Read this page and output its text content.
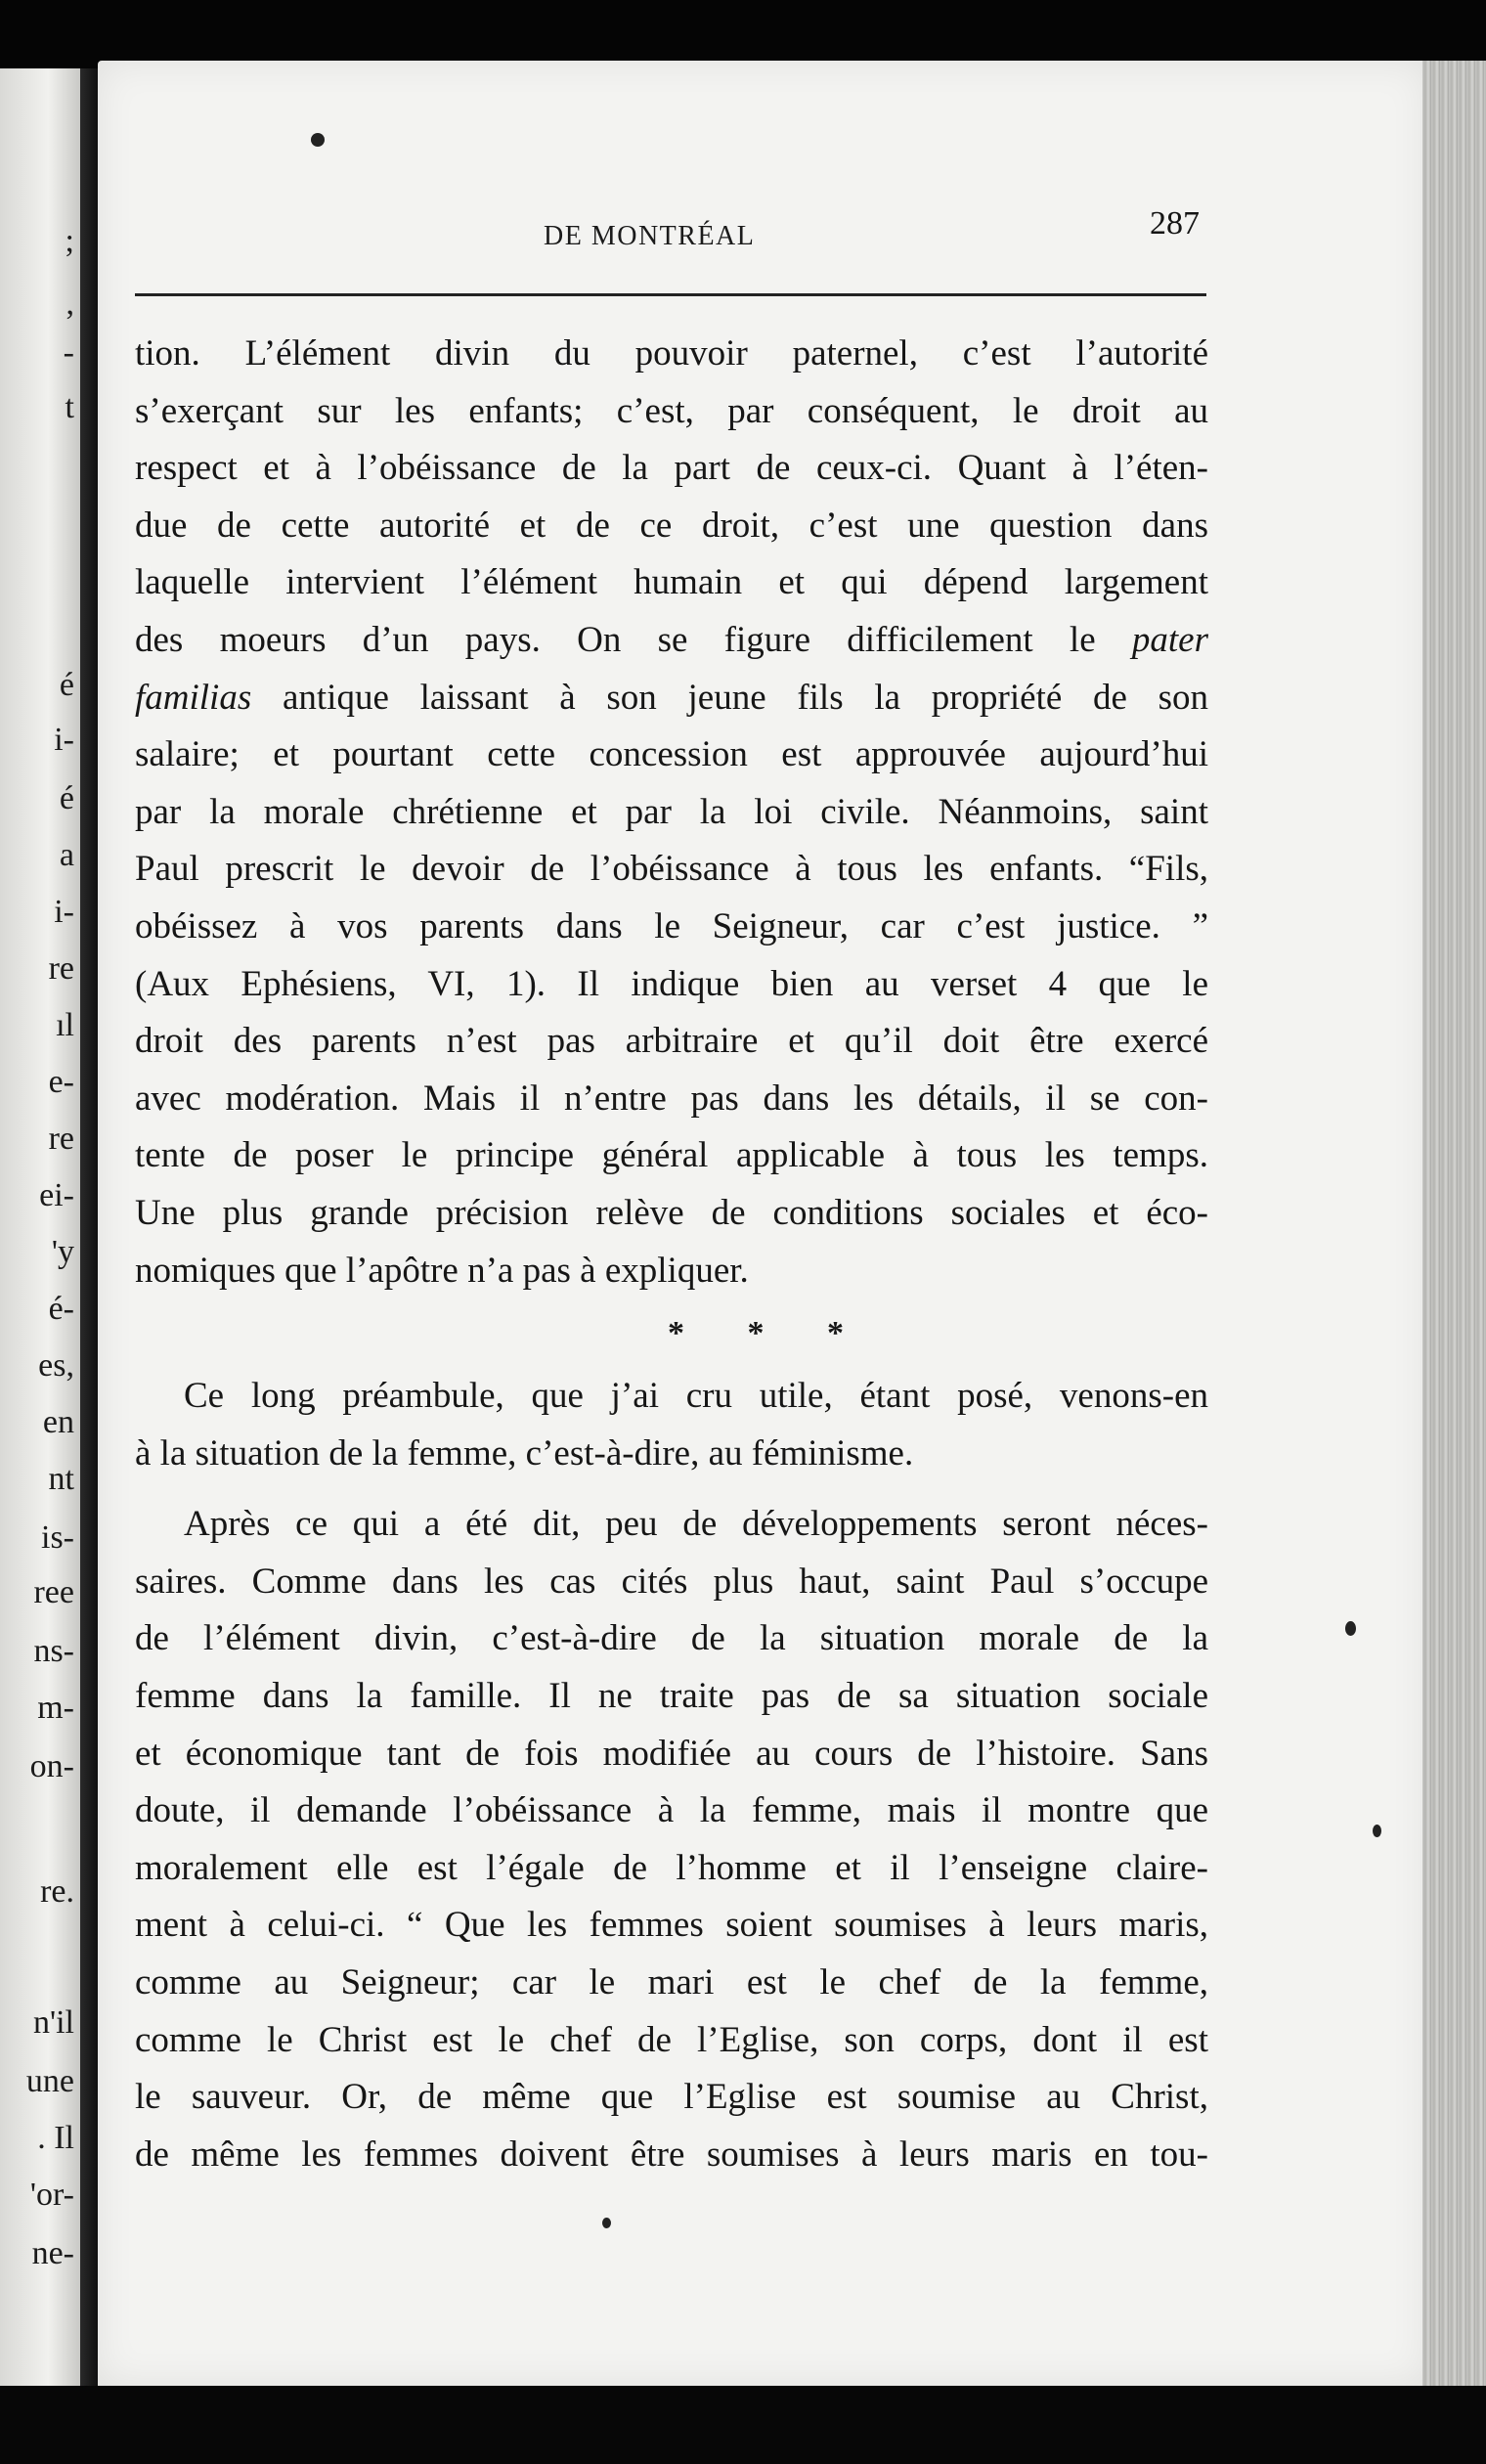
;
,
-
t
é
i-
é
a
i-
re
ıl
e-
re
ei-
'y
é-
es,
en
nt
is-
ree
ns-
m-
on-
re.
n'il
une
. Il
'or-
ne-
DE MONTRÉAL	287
tion. L’élément divin du pouvoir paternel, c’est l’autorité
s’exerçant sur les enfants; c’est, par conséquent, le droit au
respect et à l’obéissance de la part de ceux-ci. Quant à l’éten-
due de cette autorité et de ce droit, c’est une question dans
laquelle intervient l’élément humain et qui dépend largement
des moeurs d’un pays. On se figure difficilement le pater
familias antique laissant à son jeune fils la propriété de son
salaire; et pourtant cette concession est approuvée aujourd’hui
par la morale chrétienne et par la loi civile. Néanmoins, saint
Paul prescrit le devoir de l’obéissance à tous les enfants. “Fils,
obéissez à vos parents dans le Seigneur, car c’est justice. ”
(Aux Ephésiens, VI, 1). Il indique bien au verset 4 que le
droit des parents n’est pas arbitraire et qu’il doit être exercé
avec modération. Mais il n’entre pas dans les détails, il se con-
tente de poser le principe général applicable à tous les temps.
Une plus grande précision relève de conditions sociales et éco-
nomiques que l’apôtre n’a pas à expliquer.
* * *
Ce long préambule, que j’ai cru utile, étant posé, venons-en
à la situation de la femme, c’est-à-dire, au féminisme.
Après ce qui a été dit, peu de développements seront néces-
saires. Comme dans les cas cités plus haut, saint Paul s’occupe
de l’élément divin, c’est-à-dire de la situation morale de la
femme dans la famille. Il ne traite pas de sa situation sociale
et économique tant de fois modifiée au cours de l’histoire. Sans
doute, il demande l’obéissance à la femme, mais il montre que
moralement elle est l’égale de l’homme et il l’enseigne claire-
ment à celui-ci. “ Que les femmes soient soumises à leurs maris,
comme au Seigneur; car le mari est le chef de la femme,
comme le Christ est le chef de l’Eglise, son corps, dont il est
le sauveur. Or, de même que l’Eglise est soumise au Christ,
de même les femmes doivent être soumises à leurs maris en tou-
